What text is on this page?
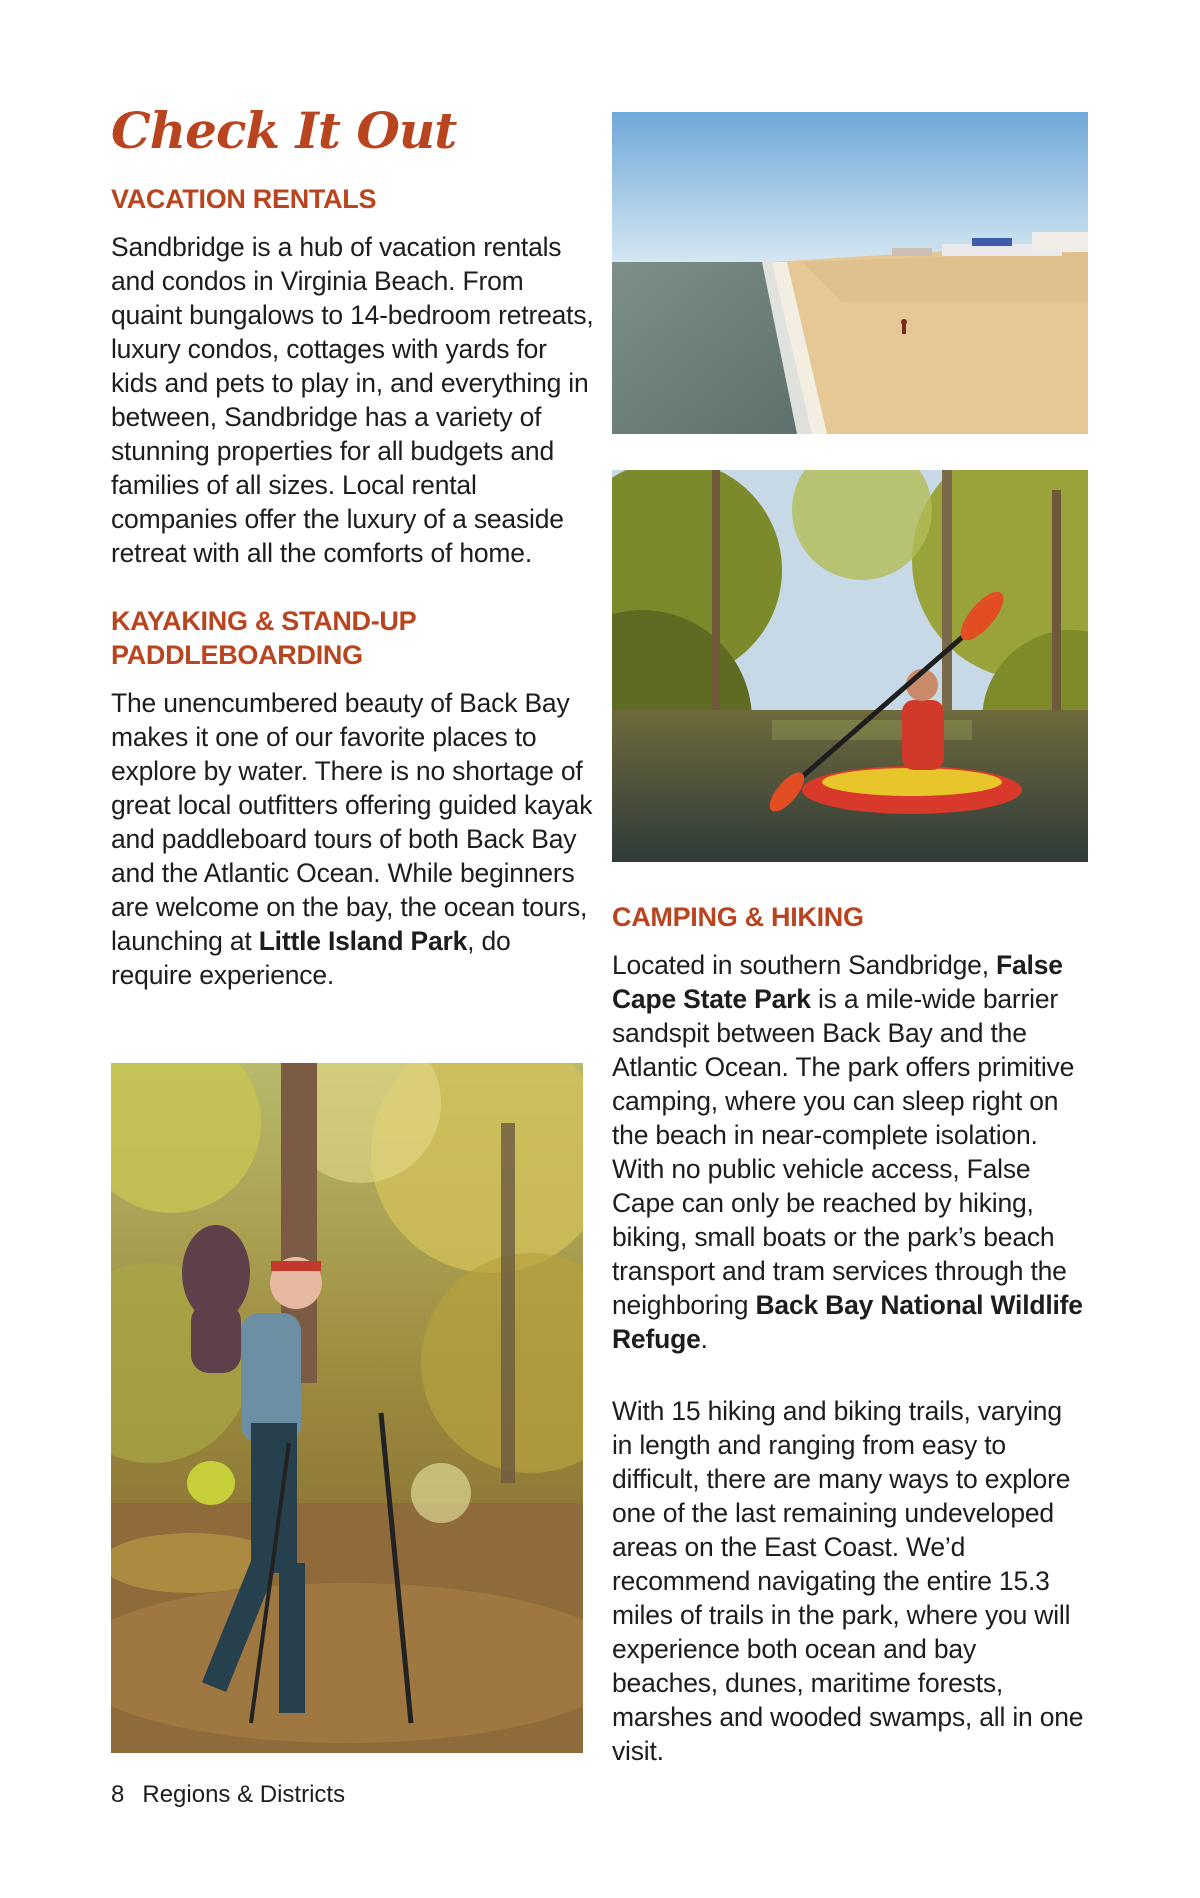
Check It Out
VACATION RENTALS

Sandbridge is a hub of vacation rentals and condos in Virginia Beach. From quaint bungalows to 14-bedroom retreats, luxury condos, cottages with yards for kids and pets to play in, and everything in between, Sandbridge has a variety of stunning properties for all budgets and families of all sizes. Local rental companies offer the luxury of a seaside retreat with all the comforts of home.

KAYAKING & STAND-UP PADDLEBOARDING

The unencumbered beauty of Back Bay makes it one of our favorite places to explore by water. There is no shortage of great local outfitters offering guided kayak and paddleboard tours of both Back Bay and the Atlantic Ocean. While beginners are welcome on the bay, the ocean tours, launching at Little Island Park, do require experience.

CAMPING & HIKING

Located in southern Sandbridge, False Cape State Park is a mile-wide barrier sandspit between Back Bay and the Atlantic Ocean. The park offers primitive camping, where you can sleep right on the beach in near-complete isolation. With no public vehicle access, False Cape can only be reached by hiking, biking, small boats or the park’s beach transport and tram services through the neighboring Back Bay National Wildlife Refuge.

With 15 hiking and biking trails, varying in length and ranging from easy to difficult, there are many ways to explore one of the last remaining undeveloped areas on the East Coast. We’d recommend navigating the entire 15.3 miles of trails in the park, where you will experience both ocean and bay beaches, dunes, maritime forests, marshes and wooded swamps, all in one visit.

8 Regions & Districts
